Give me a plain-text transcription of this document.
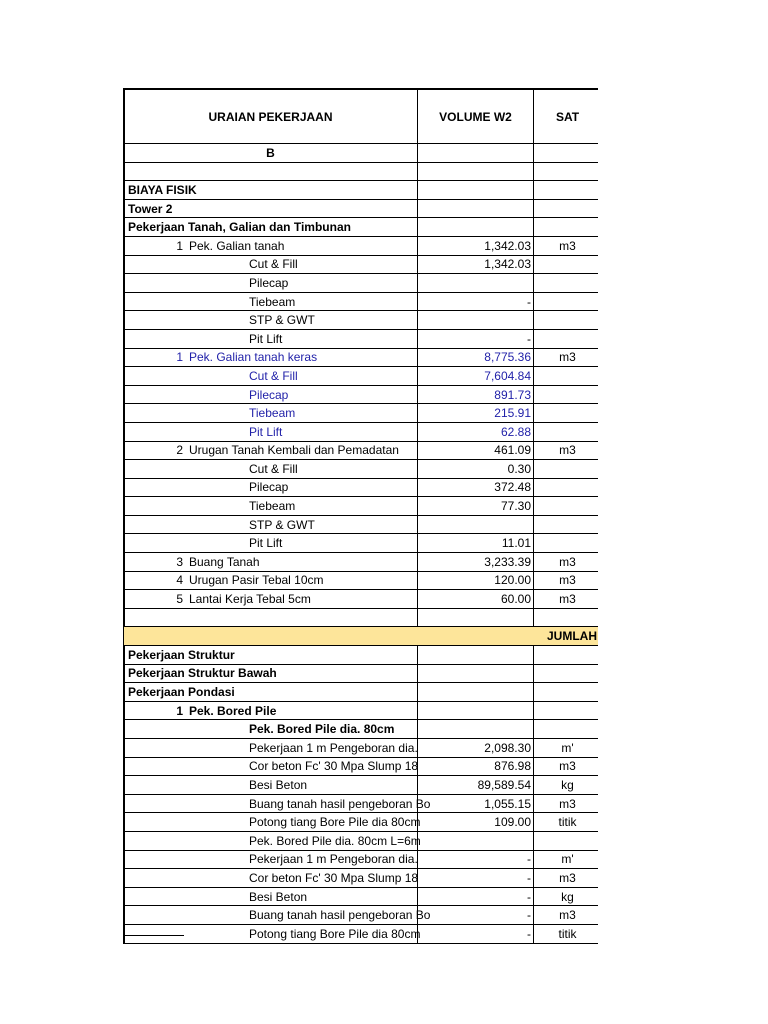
URAIAN PEKERJAAN	VOLUME W2	SAT
B
BIAYA FISIK
Tower 2
Pekerjaan Tanah, Galian dan Timbunan
1 Pek. Galian tanah	1,342.03	m3
Cut & Fill	1,342.03
Pilecap
Tiebeam	-
STP & GWT
Pit Lift	-
1 Pek. Galian tanah keras	8,775.36	m3
Cut & Fill	7,604.84
Pilecap	891.73
Tiebeam	215.91
Pit Lift	62.88
2 Urugan Tanah Kembali dan Pemadatan	461.09	m3
Cut & Fill	0.30
Pilecap	372.48
Tiebeam	77.30
STP & GWT
Pit Lift	11.01
3 Buang Tanah	3,233.39	m3
4 Urugan Pasir Tebal 10cm	120.00	m3
5 Lantai Kerja Tebal 5cm	60.00	m3
JUMLAH
Pekerjaan Struktur
Pekerjaan Struktur Bawah
Pekerjaan Pondasi
1 Pek. Bored Pile
Pek. Bored Pile dia. 80cm
Pekerjaan 1 m Pengeboran dia.	2,098.30	m'
Cor beton Fc' 30 Mpa Slump 18	876.98	m3
Besi Beton	89,589.54	kg
Buang tanah hasil pengeboran Bo	1,055.15	m3
Potong tiang Bore Pile dia 80cm	109.00	titik
Pek. Bored Pile dia. 80cm L=6m
Pekerjaan 1 m Pengeboran dia.	-	m'
Cor beton Fc' 30 Mpa Slump 18	-	m3
Besi Beton	-	kg
Buang tanah hasil pengeboran Bo	-	m3
Potong tiang Bore Pile dia 80cm	-	titik
